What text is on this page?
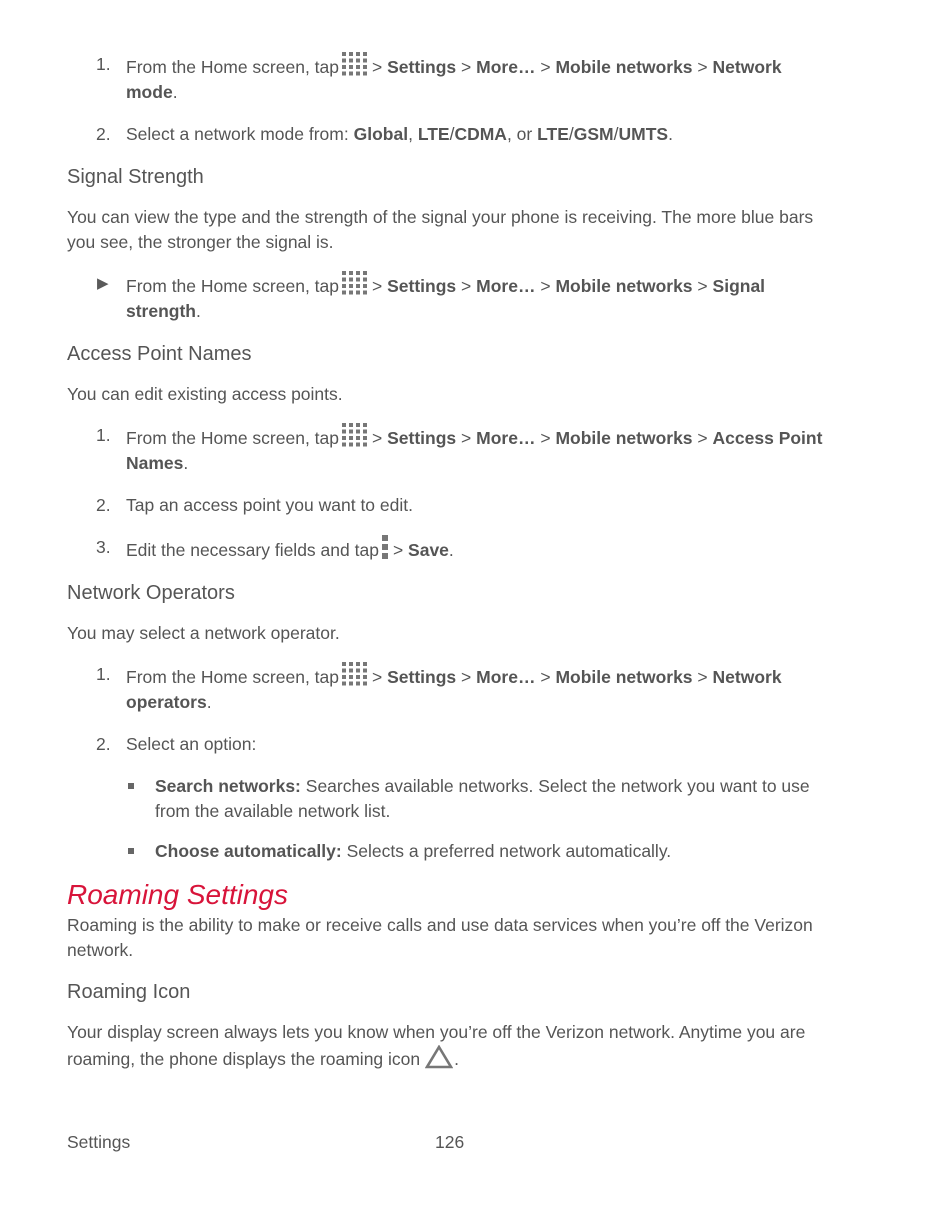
1. From the Home screen, tap > Settings > More… > Mobile networks > Network mode.
2. Select a network mode from: Global, LTE/CDMA, or LTE/GSM/UMTS.
Signal Strength
You can view the type and the strength of the signal your phone is receiving. The more blue bars you see, the stronger the signal is.
▶ From the Home screen, tap > Settings > More… > Mobile networks > Signal strength.
Access Point Names
You can edit existing access points.
1. From the Home screen, tap > Settings > More… > Mobile networks > Access Point Names.
2. Tap an access point you want to edit.
3. Edit the necessary fields and tap > Save.
Network Operators
You may select a network operator.
1. From the Home screen, tap > Settings > More… > Mobile networks > Network operators.
2. Select an option:
Search networks: Searches available networks. Select the network you want to use from the available network list.
Choose automatically: Selects a preferred network automatically.
Roaming Settings
Roaming is the ability to make or receive calls and use data services when you’re off the Verizon network.
Roaming Icon
Your display screen always lets you know when you’re off the Verizon network. Anytime you are roaming, the phone displays the roaming icon .
Settings	126
